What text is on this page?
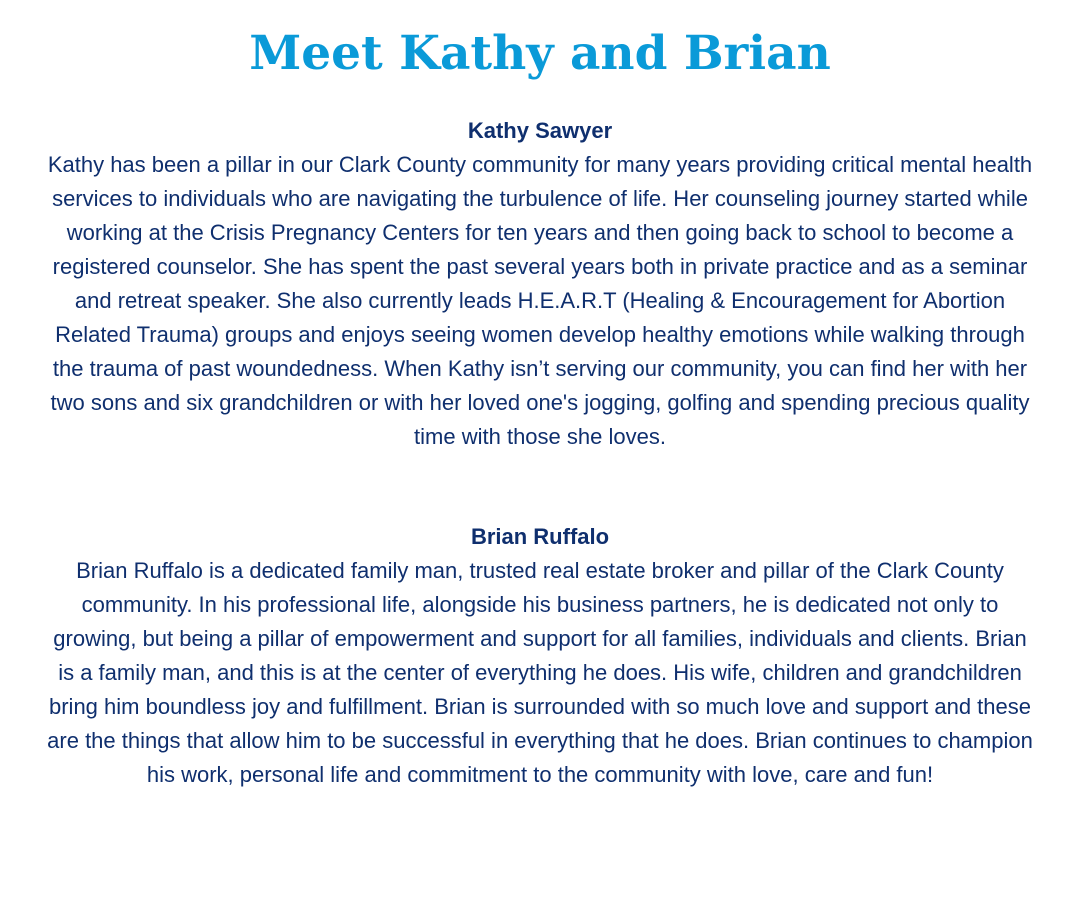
Meet Kathy and Brian
Kathy Sawyer

Kathy has been a pillar in our Clark County community for many years providing critical mental health services to individuals who are navigating the turbulence of life. Her counseling journey started while working at the Crisis Pregnancy Centers for ten years and then going back to school to become a registered counselor. She has spent the past several years both in private practice and as a seminar and retreat speaker. She also currently leads H.E.A.R.T (Healing & Encouragement for Abortion Related Trauma) groups and enjoys seeing women develop healthy emotions while walking through the trauma of past woundedness. When Kathy isn’t serving our community, you can find her with her two sons and six grandchildren or with her loved one's jogging, golfing and spending precious quality time with those she loves.

Brian Ruffalo

Brian Ruffalo is a dedicated family man, trusted real estate broker and pillar of the Clark County community. In his professional life, alongside his business partners, he is dedicated not only to growing, but being a pillar of empowerment and support for all families, individuals and clients. Brian is a family man, and this is at the center of everything he does. His wife, children and grandchildren bring him boundless joy and fulfillment. Brian is surrounded with so much love and support and these are the things that allow him to be successful in everything that he does. Brian continues to champion his work, personal life and commitment to the community with love, care and fun!
